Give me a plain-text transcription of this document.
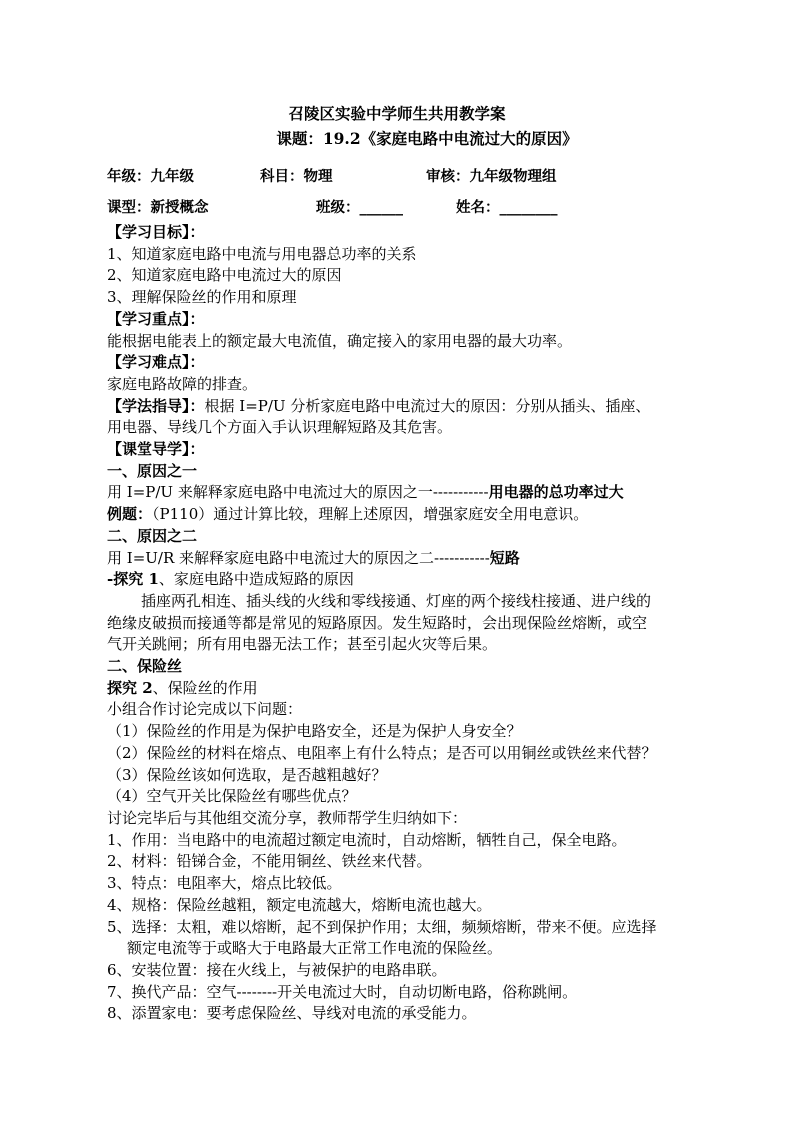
召陵区实验中学师生共用教学案
课题：19.2《家庭电路中电流过大的原因》
年级：九年级	科目：物理	审核：九年级物理组
课型：新授概念	班级：______	姓名：________
【学习目标】：
1、知道家庭电路中电流与用电器总功率的关系
2、知道家庭电路中电流过大的原因
3、理解保险丝的作用和原理
【学习重点】：
能根据电能表上的额定最大电流值，确定接入的家用电器的最大功率。
【学习难点】：
家庭电路故障的排查。
【学法指导】：根据 I=P/U 分析家庭电路中电流过大的原因：分别从插头、插座、
用电器、导线几个方面入手认识理解短路及其危害。
【课堂导学】：
一、原因之一
用 I=P/U 来解释家庭电路中电流过大的原因之一-----------用电器的总功率过大
例题：（P110）通过计算比较，理解上述原因，增强家庭安全用电意识。
二、原因之二
用 I=U/R 来解释家庭电路中电流过大的原因之二-----------短路
-探究 1、家庭电路中造成短路的原因
插座两孔相连、插头线的火线和零线接通、灯座的两个接线柱接通、进户线的
绝缘皮破损而接通等都是常见的短路原因。发生短路时，会出现保险丝熔断，或空
气开关跳闸；所有用电器无法工作；甚至引起火灾等后果。
二、保险丝
探究 2、保险丝的作用
小组合作讨论完成以下问题：
（1）保险丝的作用是为保护电路安全，还是为保护人身安全？
（2）保险丝的材料在熔点、电阻率上有什么特点；是否可以用铜丝或铁丝来代替？
（3）保险丝该如何选取，是否越粗越好？
（4）空气开关比保险丝有哪些优点？
讨论完毕后与其他组交流分享，教师帮学生归纳如下：
1、作用：当电路中的电流超过额定电流时，自动熔断，牺牲自己，保全电路。
2、材料：铅锑合金，不能用铜丝、铁丝来代替。
3、特点：电阻率大，熔点比较低。
4、规格：保险丝越粗，额定电流越大，熔断电流也越大。
5、选择：太粗，难以熔断，起不到保护作用；太细，频频熔断，带来不便。应选择
额定电流等于或略大于电路最大正常工作电流的保险丝。
6、安装位置：接在火线上，与被保护的电路串联。
7、换代产品：空气--------开关电流过大时，自动切断电路，俗称跳闸。
8、添置家电：要考虑保险丝、导线对电流的承受能力。
